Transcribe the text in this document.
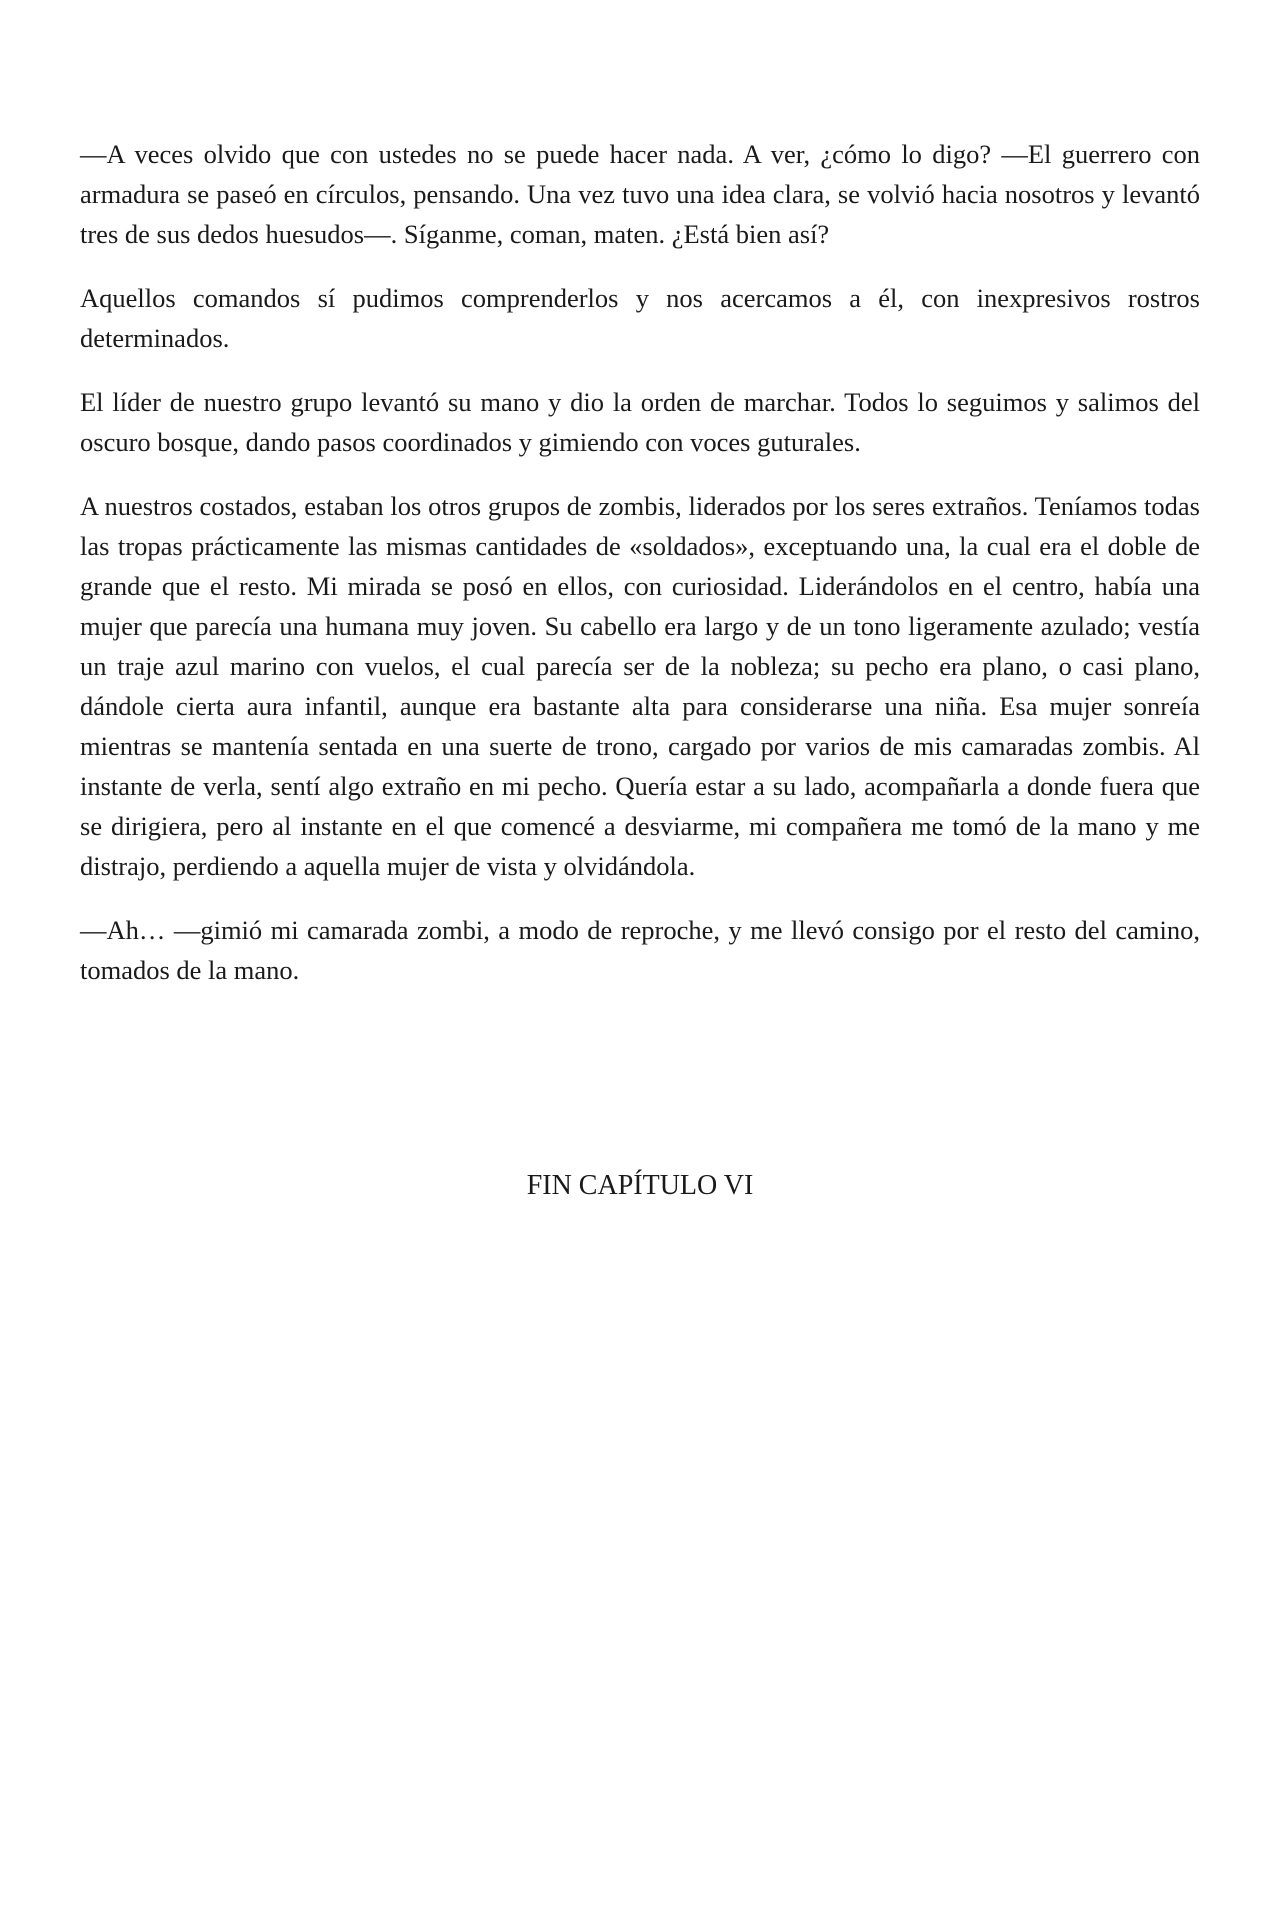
—A veces olvido que con ustedes no se puede hacer nada. A ver, ¿cómo lo digo? —El guerrero con armadura se paseó en círculos, pensando. Una vez tuvo una idea clara, se volvió hacia nosotros y levantó tres de sus dedos huesudos—. Síganme, coman, maten. ¿Está bien así?

Aquellos comandos sí pudimos comprenderlos y nos acercamos a él, con inexpresivos rostros determinados.

El líder de nuestro grupo levantó su mano y dio la orden de marchar. Todos lo seguimos y salimos del oscuro bosque, dando pasos coordinados y gimiendo con voces guturales.

A nuestros costados, estaban los otros grupos de zombis, liderados por los seres extraños. Teníamos todas las tropas prácticamente las mismas cantidades de «soldados», exceptuando una, la cual era el doble de grande que el resto. Mi mirada se posó en ellos, con curiosidad. Liderándolos en el centro, había una mujer que parecía una humana muy joven. Su cabello era largo y de un tono ligeramente azulado; vestía un traje azul marino con vuelos, el cual parecía ser de la nobleza; su pecho era plano, o casi plano, dándole cierta aura infantil, aunque era bastante alta para considerarse una niña. Esa mujer sonreía mientras se mantenía sentada en una suerte de trono, cargado por varios de mis camaradas zombis. Al instante de verla, sentí algo extraño en mi pecho. Quería estar a su lado, acompañarla a donde fuera que se dirigiera, pero al instante en el que comencé a desviarme, mi compañera me tomó de la mano y me distrajo, perdiendo a aquella mujer de vista y olvidándola.

—Ah… —gimió mi camarada zombi, a modo de reproche, y me llevó consigo por el resto del camino, tomados de la mano.

FIN CAPÍTULO VI
